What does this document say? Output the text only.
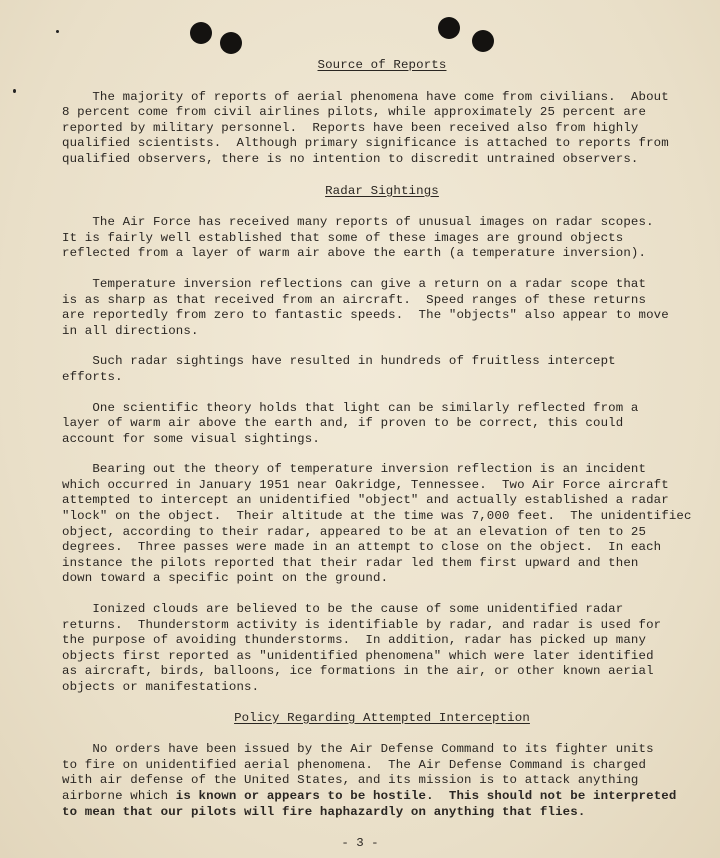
Source of Reports

The majority of reports of aerial phenomena have come from civilians.  About
8 percent come from civil airlines pilots, while approximately 25 percent are
reported by military personnel.  Reports have been received also from highly
qualified scientists.  Although primary significance is attached to reports from
qualified observers, there is no intention to discredit untrained observers.

Radar Sightings

The Air Force has received many reports of unusual images on radar scopes.
It is fairly well established that some of these images are ground objects
reflected from a layer of warm air above the earth (a temperature inversion).

Temperature inversion reflections can give a return on a radar scope that
is as sharp as that received from an aircraft.  Speed ranges of these returns
are reportedly from zero to fantastic speeds.  The "objects" also appear to move
in all directions.

Such radar sightings have resulted in hundreds of fruitless intercept
efforts.

One scientific theory holds that light can be similarly reflected from a
layer of warm air above the earth and, if proven to be correct, this could
account for some visual sightings.

Bearing out the theory of temperature inversion reflection is an incident
which occurred in January 1951 near Oakridge, Tennessee.  Two Air Force aircraft
attempted to intercept an unidentified "object" and actually established a radar
"lock" on the object.  Their altitude at the time was 7,000 feet.  The unidentifiec
object, according to their radar, appeared to be at an elevation of ten to 25
degrees.  Three passes were made in an attempt to close on the object.  In each
instance the pilots reported that their radar led them first upward and then
down toward a specific point on the ground.

Ionized clouds are believed to be the cause of some unidentified radar
returns.  Thunderstorm activity is identifiable by radar, and radar is used for
the purpose of avoiding thunderstorms.  In addition, radar has picked up many
objects first reported as "unidentified phenomena" which were later identified
as aircraft, birds, balloons, ice formations in the air, or other known aerial
objects or manifestations.

Policy Regarding Attempted Interception

No orders have been issued by the Air Defense Command to its fighter units
to fire on unidentified aerial phenomena.  The Air Defense Command is charged
with air defense of the United States, and its mission is to attack anything
airborne which is known or appears to be hostile.  This should not be interpreted
to mean that our pilots will fire haphazardly on anything that flies.

- 3 -
